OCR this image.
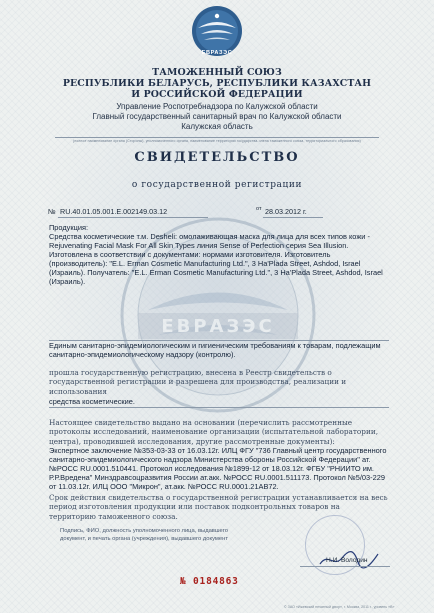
ЕВРАЗЭС
ЕВРАЗЭС
ТАМОЖЕННЫЙ СОЮЗ
РЕСПУБЛИКИ БЕЛАРУСЬ, РЕСПУБЛИКИ КАЗАХСТАН
И РОССИЙСКОЙ ФЕДЕРАЦИИ
Управление Роспотребнадзора по Калужской области
Главный государственный санитарный врач по Калужской области
Калужская область
(полное наименование органа (Стороны), уполномоченного органа, наименование территории государства-члена таможенного союза, территориального образования)
СВИДЕТЕЛЬСТВО
о государственной регистрации
№ RU.40.01.05.001.Е.002149.03.12	от 28.03.2012 г.
Продукция:
Средства косметические т.м. Desheli: омолаживающая маска для лица для всех типов кожи - Rejuvenating Facial Mask For All Skin Types линия Sense of Perfection серия Sea Illusion. Изготовлена в соответствии с документами: нормами изготовителя. Изготовитель (производитель): "E.L. Erman Cosmetic Manufacturing Ltd.", 3 Ha'Plada Street, Ashdod, Israel (Израиль). Получатель: "E.L. Erman Cosmetic Manufacturing Ltd.", 3 Ha'Plada Street, Ashdod, Israel (Израиль).
Единым санитарно-эпидемиологическим и гигиеническим требованиям к товарам, подлежащим санитарно-эпидемиологическому надзору (контролю).
прошла государственную регистрацию, внесена в Реестр свидетельств о государственной регистрации и разрешена для производства, реализации и использования
средства косметические.
Настоящее свидетельство выдано на основании (перечислить рассмотренные протоколы исследований, наименование организации (испытательной лаборатории, центра), проводившей исследования, другие рассмотренные документы):
Экспертное заключение №353-03-33 от 16.03.12г. ИЛЦ ФГУ "736 Главный центр государственного санитарно-эпидемиологического надзора Министерства обороны Российской Федерации" ат. №РОСС RU.0001.510441. Протокол исследования №1899-12 от 18.03.12г. ФГБУ "РНИИТО им. Р.Р.Вредена" Минздравсоцразвития России ат.акк. №РОСС RU.0001.511173. Протокол №5/03-229 от 11.03.12г. ИЛЦ ООО "Микрон", ат.акк. №РОСС RU.0001.21АВ72.
Срок действия свидетельства о государственной регистрации устанавливается на весь период изготовления продукции или поставок подконтрольных товаров на территорию таможенного союза.
Подпись, ФИО, должность уполномоченного лица, выдавшего документ, и печать органа (учреждения), выдавшего документ
Н.И. Володин
№ 0184863
© ЗАО «Ижевский печатный двор», г. Москва, 2011 г., уровень «В»
